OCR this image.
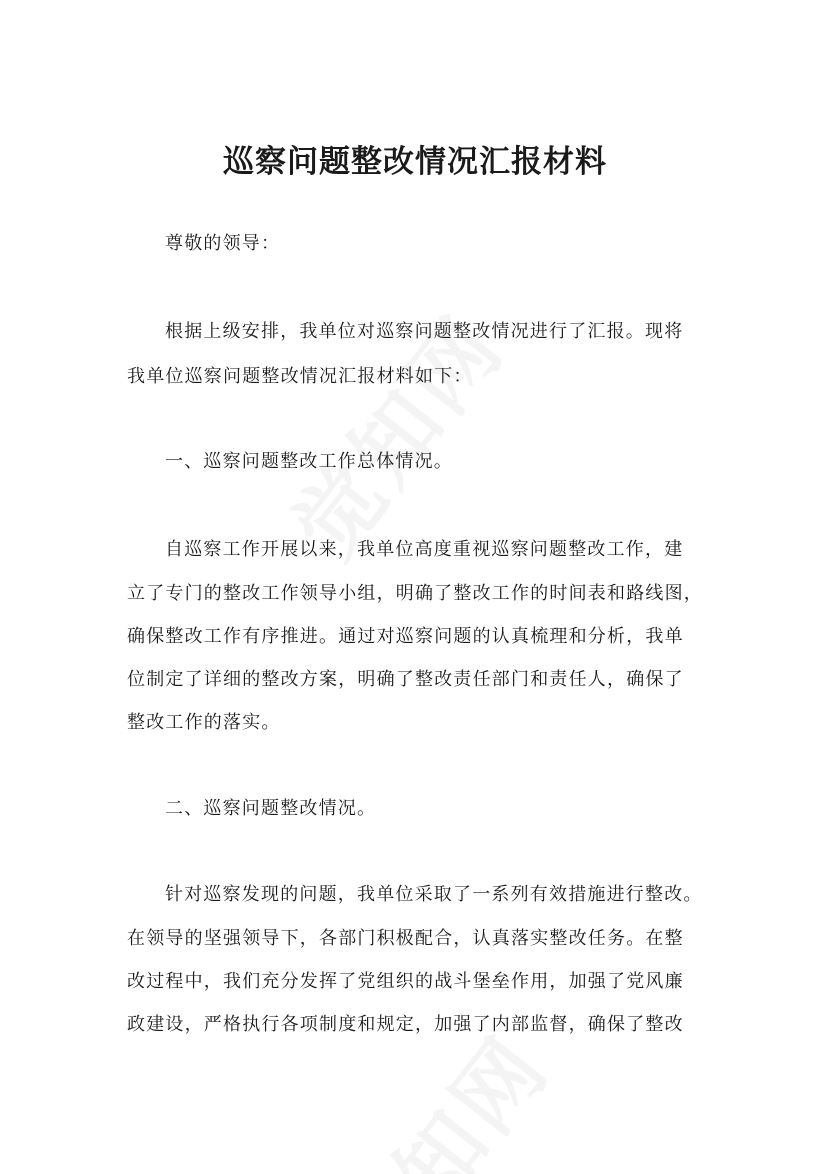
巡察问题整改情况汇报材料

尊敬的领导：

根据上级安排，我单位对巡察问题整改情况进行了汇报。现将

我单位巡察问题整改情况汇报材料如下：

一、巡察问题整改工作总体情况。

自巡察工作开展以来，我单位高度重视巡察问题整改工作，建

立了专门的整改工作领导小组，明确了整改工作的时间表和路线图，

确保整改工作有序推进。通过对巡察问题的认真梳理和分析，我单

位制定了详细的整改方案，明确了整改责任部门和责任人，确保了

整改工作的落实。

二、巡察问题整改情况。

针对巡察发现的问题，我单位采取了一系列有效措施进行整改。

在领导的坚强领导下，各部门积极配合，认真落实整改任务。在整

改过程中，我们充分发挥了党组织的战斗堡垒作用，加强了党风廉

政建设，严格执行各项制度和规定，加强了内部监督，确保了整改
